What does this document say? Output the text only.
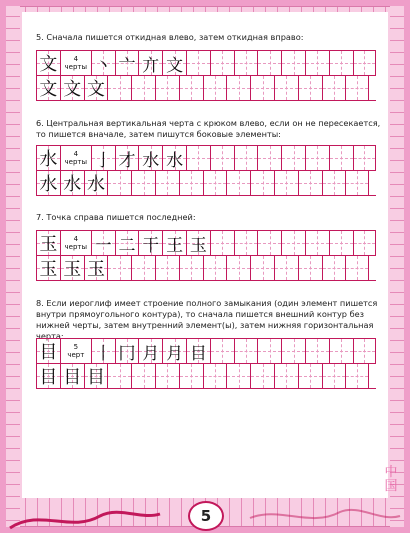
5. Сначала пишется откидная влево, затем откидная вправо:

文 4
черты 丶 亠 亣 文
文 文 文

6. Центральная вертикальная черта с крюком влево, если он не пересекается, то пишется вначале, затем пишутся боковые элементы:

水 4
черты 亅 才 水 水
水 水 水

7. Точка справа пишется последней:

玉 4
черты 一 二 干 王 玉
玉 玉 玉

8. Если иероглиф имеет строение полного замыкания (один элемент пишется внутри прямоугольного контура), то сначала пишется внешний контур без нижней черты, затем внутренний элемент(ы), затем нижняя горизонтальная черта:

目 5
черт 丨 冂 月 月 目
目 目 目
5
中国
